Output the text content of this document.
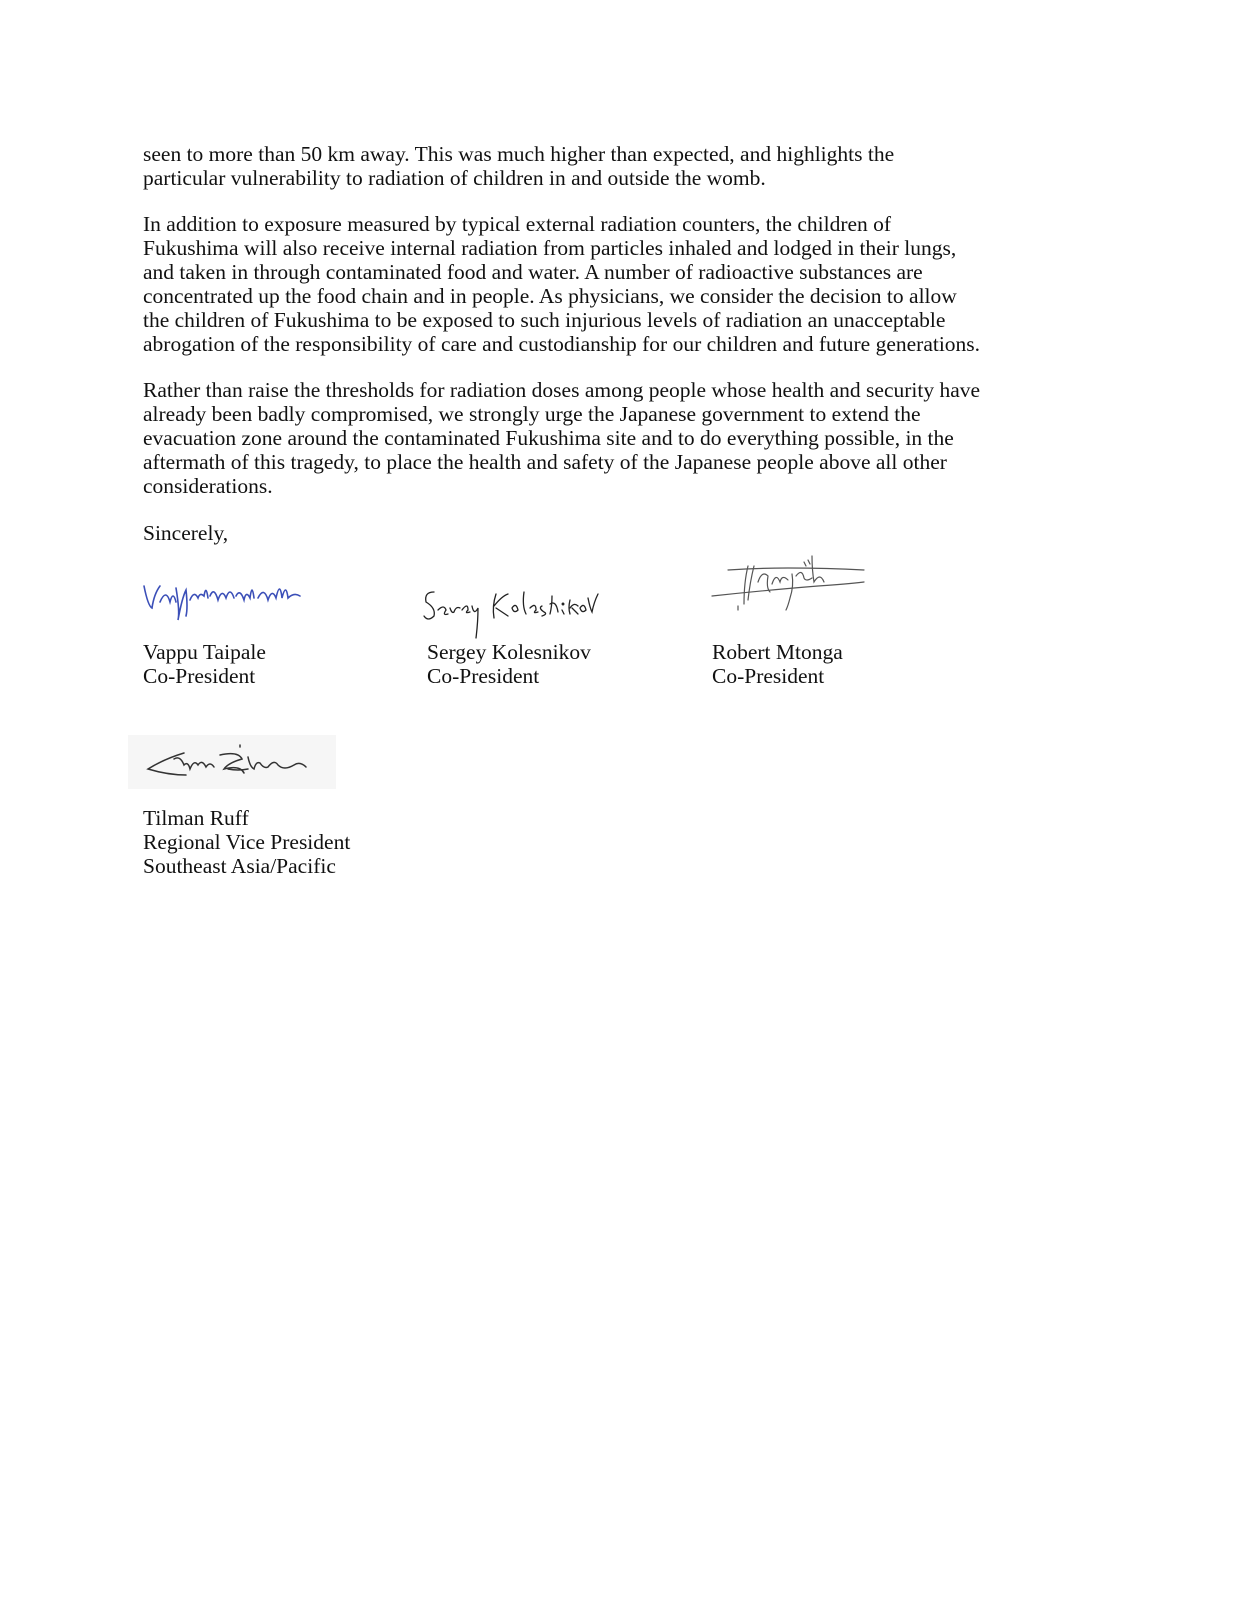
seen to more than 50 km away. This was much higher than expected, and highlights the
particular vulnerability to radiation of children in and outside the womb.

In addition to exposure measured by typical external radiation counters, the children of
Fukushima will also receive internal radiation from particles inhaled and lodged in their lungs,
and taken in through contaminated food and water. A number of radioactive substances are
concentrated up the food chain and in people. As physicians, we consider the decision to allow
the children of Fukushima to be exposed to such injurious levels of radiation an unacceptable
abrogation of the responsibility of care and custodianship for our children and future generations.

Rather than raise the thresholds for radiation doses among people whose health and security have
already been badly compromised, we strongly urge the Japanese government to extend the
evacuation zone around the contaminated Fukushima site and to do everything possible, in the
aftermath of this tragedy, to place the health and safety of the Japanese people above all other
considerations.

Sincerely,

Vappu Taipale
Co-President
Sergey Kolesnikov
Co-President
Robert Mtonga
Co-President
Tilman Ruff
Regional Vice President
Southeast Asia/Pacific
